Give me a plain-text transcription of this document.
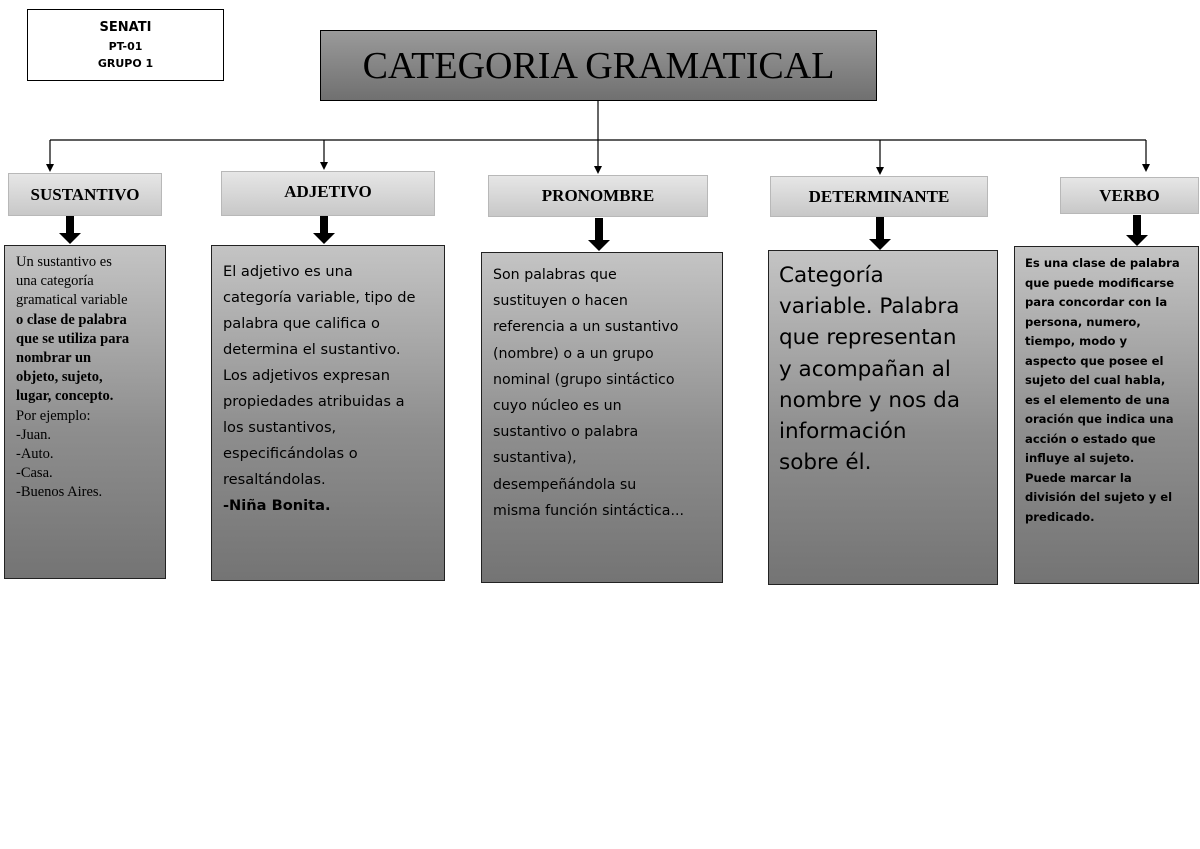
SENATI
PT-01
GRUPO 1	CATEGORIA GRAMATICAL
SUSTANTIVO	ADJETIVO	PRONOMBRE	DETERMINANTE	VERBO
Un sustantivo es
una categoría
gramatical variable
o clase de palabra
que se utiliza para
nombrar un
objeto, sujeto,
lugar, concepto.
Por ejemplo:
-Juan.
-Auto.
-Casa.
-Buenos Aires.
El adjetivo es una
categoría variable, tipo de
palabra que califica o
determina el sustantivo.
Los adjetivos expresan
propiedades atribuidas a
los sustantivos,
especificándolas o
resaltándolas.
-Niña Bonita.
Son palabras que
sustituyen o hacen
referencia a un sustantivo
(nombre) o a un grupo
nominal (grupo sintáctico
cuyo núcleo es un
sustantivo o palabra
sustantiva),
desempeñándola su
misma función sintáctica...
Categoría
variable. Palabra
que representan
y acompañan al
nombre y nos da
información
sobre él.
Es una clase de palabra
que puede modificarse
para concordar con la
persona, numero,
tiempo, modo y
aspecto que posee el
sujeto del cual habla,
es el elemento de una
oración que indica una
acción o estado que
influye al sujeto.
Puede marcar la
división del sujeto y el
predicado.
